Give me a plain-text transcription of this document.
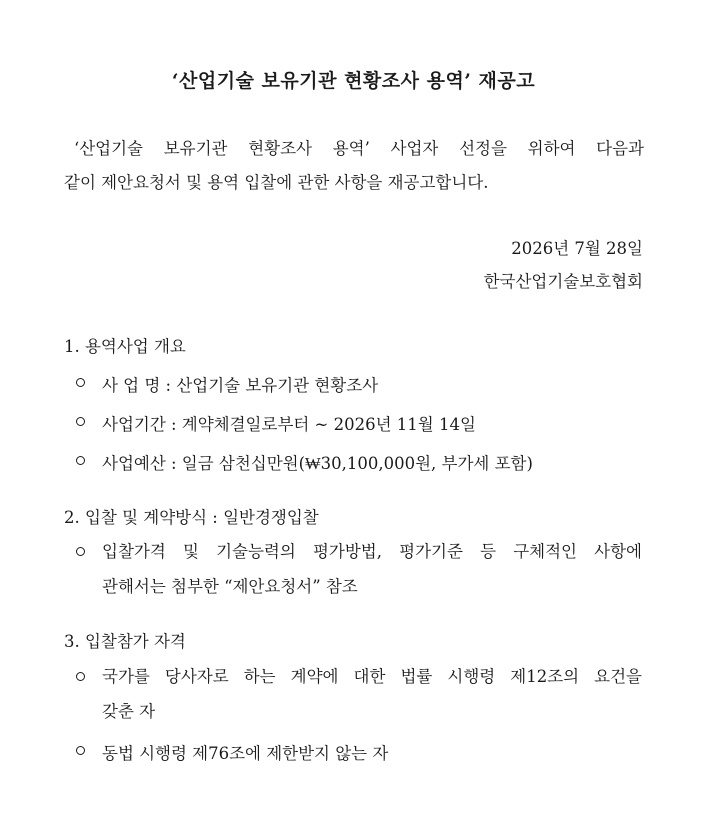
‘산업기술 보유기관 현황조사 용역’ 재공고
‘산업기술 보유기관 현황조사 용역’ 사업자 선정을 위하여 다음과
같이 제안요청서 및 용역 입찰에 관한 사항을 재공고합니다.
2026년 7월 28일
한국산업기술보호협회
1. 용역사업 개요
사 업 명 : 산업기술 보유기관 현황조사
사업기간 : 계약체결일로부터 ~ 2026년 11월 14일
사업예산 : 일금 삼천십만원(₩30,100,000원, 부가세 포함)
2. 입찰 및 계약방식 : 일반경쟁입찰
입찰가격 및 기술능력의 평가방법, 평가기준 등 구체적인 사항에
관해서는 첨부한 “제안요청서” 참조
3. 입찰참가 자격
국가를 당사자로 하는 계약에 대한 법률 시행령 제12조의 요건을
갖춘 자
동법 시행령 제76조에 제한받지 않는 자
